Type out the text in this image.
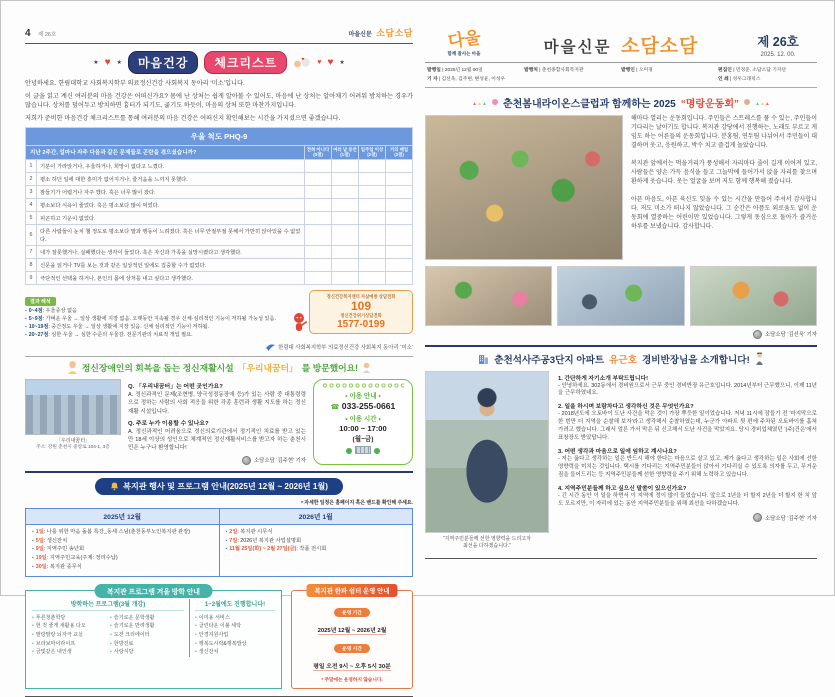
4 제 26호	마을신문 소담소담
★ ♥ ★	마음건강	체크리스트	♥ ♥ ★

안녕하세요. 한림대학교 사회복지학부 의료정신건강 사회복지 동아리 ‘미소’입니다.

이 글을 읽고 계신 여러분의 마음 건강은 어떠신가요? 몸에 난 상처는 쉽게 알아볼 수 있어도, 마음에 난 상처는 알아채기 어려워 방치하는 경우가 많습니다. 상처를 덮어두고 방치하면 흉터가 되기도, 곪기도 하듯이, 마음의 상처 또한 마찬가지입니다.

저희가 준비한 마음건강 체크리스트를 통해 여러분의 마음 건강은 어떠신지 확인해보는 시간을 가지셨으면 좋겠습니다.

우울 척도 PHQ-9					
지난 2주간, 얼마나 자주 다음과 같은 문제들로 곤란을 겪으셨습니까?	
전혀 아니다
(0점)

여러 날 동안
(1점)

일주일 이상
(2점)

거의 매일
(3점)

1	기분이 가라앉거나, 우울하거나, 희망이 없다고 느꼈다.				
2	평소 하던 일에 대한 흥미가 없어지거나, 즐거움을 느끼지 못했다.				
3	잠들기가 어렵거나 자주 깼다. 혹은 너무 많이 잤다.				
4	평소보다 식욕이 줄었다. 혹은 평소보다 많이 먹었다.				
5	피곤하고 기운이 없었다.				
6	다른 사람들이 눈치 챌 정도로 평소보다 말과 행동이 느려졌다. 혹은 너무 안절부절 못해서 가만히 앉아있을 수 없었다.				
7	내가 잘못했거나, 실패했다는 생각이 들었다. 혹은 자신과 가족을 실망시켰다고 생각했다.				
8	신문을 읽거나 TV를 보는 것과 같은 일상적인 일에도 집중할 수가 없었다.				
9	극단적인 선택을 하거나, 본인의 몸에 상처를 내고 싶다고 생각했다.				
결과 해석
▪ 0~4점: 우울증상 없음
▪ 5~9점: 가벼운 우울 → 일상 생활에 지장 없음. 오랫동안 지속될 경우 신체·심리적인 기능이 저하될 가능성 있음.
▪ 10~19점: 중간정도 우울 → 일상 생활에 지장 있음. 신체 심리적인 기능이 저하됨.
▪ 20~27점: 심한 우울 → 심한 수준의 우울감. 전문기관의 치료적 개입 필요.
정신건강복지센터 자살예방 상담전화
109
정신건강위기상담전화
1577-0199
한림대 사회복지학부 의료정신건강 사회복지 동아리 ‘미소’
정신장애인의 회복을 돕는 정신재활시설 「우리내꿈터」 를 방문했어요!
「우리내꿈터」
주소: 강원 춘천시 중앙로 104-1, 3층
Q. 「우리내꿈터」는 어떤 곳인가요?
A. 정신과적인 문제(조현병, 양극성정동장애 등)가 있는 사람 중 대통령령으로 정하는 사람의 사회 적응을 위한 각종 훈련과 생활 지도를 하는 정신재활 시설입니다.
Q. 주로 누가 이용할 수 있나요?
A. 정신과적인 어려움으로 정신의료기관에서 정기적인 치료를 받고 있는 만 18세 이상의 성인으로 체계적인 정신재활서비스를 받고자 하는 춘천시민은 누구나 환영합니다!
소담소담 ‘김주현’ 기자
• 이용 안내 •
☎ 033-255-0661
• 이용 시간 •
10:00 ~ 17:00
(월~금)
복지관 행사 및 프로그램 안내(2025년 12월 ~ 2026년 1월)
* 자세한 일정은 홈페이지 혹은 밴드를 확인해 주세요.
2025년 12월	2026년 1월

▪ 1일: 나를 위한 마음 돌봄 특강_동세 스님(춘천동부노인복지관 관장)
▪ 5일: 생신잔치
▪ 9일: 지역주민 송년회
▪ 19일: 지역주민교육(주제: 정리수납)
▪ 30일: 복지관 종무식

▪ 2일: 복지관 시무식
▪ 7일: 2026년 복지관 사업설명회
▪ 11월 25일(화) ~ 2월 27일(금): 작품 전시회
복지관 프로그램 겨울 방학 안내
방학하는 프로그램(3월 개강)
• 푸른청춘학당
• 헌 것 줄게 새활용 다오
• 말랑말랑 뇌자극 교실
• 브라보마이라이프
• 금빛같은 내인생
• 슬기로운 문학생활
• 슬기로운 반려생활
• 도전 크리에이터
• 한방진료
• 사랑식당
1~2월에도 진행합니다!
• 이미용 서비스
• 클린타운 이불 세탁
• 안경지원사업
• 행복도시락&행복밥상
• 생신잔치
복지관 한파 쉼터 운영 안내
운영 기간
2025년 12월 ~ 2026년 2월
운영 시간
평일 오전 9시 ~ 오후 5시 30분
* 주말에는 운영하지 않습니다.
다울
함께 잘사는 마을	마을신문 소담소담	제 26호
2025. 12. 00.
발행일 | 2025년 12월 00일
기 자 | 김선욱, 김주현, 변성윤, 이성우
발행처 | 춘천종합사회복지관	발행인 | 오미경	편집인 | 민경준, 소담소담 기자단
인 쇄 | 성우그래픽스
▲▲▲ 춘천봄내라이온스클럽과 함께하는 2025 “명랑운동회”	▲▲▲

해마다 열리는 운동회입니다. 주민들은 스트레스를 풀 수 있는, 주민들이 기다리는 날이기도 합니다. 복지관 강당에서 진행하는, 노래도 부르고 게임도 하는 어른들의 운동회입니다. 분홍팀, 연두팀 나뉘어서 주민들이 대결하며 웃고, 응원하고, 박수 치고 즐겁게 놀았습니다.

복지관 앞에서는 먹을거리가 풍성해서 자리마다 줄이 길게 이어져 있고, 사람들은 양손 가득 음식을 들고 그늘막에 들어가서 앉을 자리를 찾으며 환하게 웃습니다. 웃는 얼굴을 보며 저도 함께 행복해 졌습니다.

아픈 마음도, 아픈 육신도 잊을 수 있는 시간을 만들어 주셔서 감사합니다. 저도 미소가 떠나지 않았습니다. 그 순간은 아픔도 외로움도 없이 운동회에 열중하는 어린이만 있었습니다. 그렇게 동심으로 돌아가 즐거운 하루를 보냈습니다. 감사합니다.

소담소담 ‘김선욱’ 기자
춘천석사주공3단지 아파트 유근호 경비반장님을 소개합니다!
“지역주민분들께 선한 영향력을 드리고자
최선을 다하겠습니다.”
1. 간단하게 자기소개 부탁드립니다!
- 안녕하세요. 302동에서 경비원으로서 근무 중인 경비반장 유근호입니다. 2014년부터 근무했으니, 이제 11년을 근무하였네요.
2. 일을 하시며 보람차다고 생각하신 것은 무엇인가요?
- 2018년도에 오토바이 도난 사건을 막은 것이 가장 뿌듯한 일이었습니다. 저녁 11시에 잠들기 전 ‘마지막으로 한 번만 더 지역을 순찰해 보자’라고 생각해서 순찰하였는데, 누군가 아파트 뒷 편에 주차된 오토바이를 훔쳐 가려고 했습니다. 그래서 얼른 가서 막은 뒤 신고해서 도난 사건을 막았지요. 당시 경비업체였던 ‘(주)건은’에서 표창장도 받았답니다.
3. 어떤 생각과 마음으로 일에 임하고 계시나요?
- 저는 옳다고 생각하는 일은 반드시 해야 한다는 마음으로 살고 있고, 제가 옳다고 생각하는 일은 사회에 선한 영향력을 미치는 것입니다. 택시를 기다리는 지역주민분들이 앉아서 기다리실 수 있도록 의자를 두고, 무거운 짐을 들어드리는 등 지역주민분들께 선한 영향력을 주기 위해 노력하고 있습니다.
4. 지역주민분들께 하고 싶으신 말씀이 있으신가요?
- 긴 시간 동안 이 일을 하면서 이 지역에 정이 많이 들었습니다. 앞으로 1년을 더 할지 2년을 더 할지 한 치 앞도 모르지만, 이 자리에 있는 동안 지역주민분들을 위해 최선을 다하겠습니다.
소담소담 ‘김주현’ 기자
